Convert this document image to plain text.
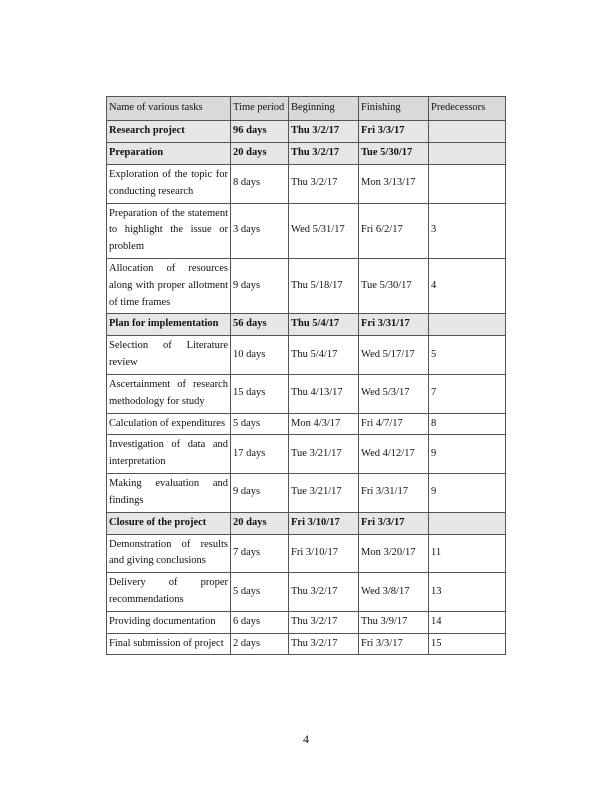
Name of various tasks	Time period	Beginning	Finishing	Predecessors
Research project	96 days	Thu 3/2/17	Fri 3/3/17	
Preparation	20 days	Thu 3/2/17	Tue 5/30/17	
Exploration of the topic for conducting research	8 days	Thu 3/2/17	Mon 3/13/17	
Preparation of the statement to highlight the issue or problem	3 days	Wed 5/31/17	Fri 6/2/17	3
Allocation of resources along with proper allotment of time frames	9 days	Thu 5/18/17	Tue 5/30/17	4
Plan for implementation	56 days	Thu 5/4/17	Fri 3/31/17	
Selection of Literature review	10 days	Thu 5/4/17	Wed 5/17/17	5
Ascertainment of research methodology for study	15 days	Thu 4/13/17	Wed 5/3/17	7
Calculation of expenditures	5 days	Mon 4/3/17	Fri 4/7/17	8
Investigation of data and interpretation	17 days	Tue 3/21/17	Wed 4/12/17	9
Making evaluation and findings	9 days	Tue 3/21/17	Fri 3/31/17	9
Closure of the project	20 days	Fri 3/10/17	Fri 3/3/17	
Demonstration of results and giving conclusions	7 days	Fri 3/10/17	Mon 3/20/17	11
Delivery of proper recommendations	5 days	Thu 3/2/17	Wed 3/8/17	13
Providing documentation	6 days	Thu 3/2/17	Thu 3/9/17	14
Final submission of project	2 days	Thu 3/2/17	Fri 3/3/17	15
4
